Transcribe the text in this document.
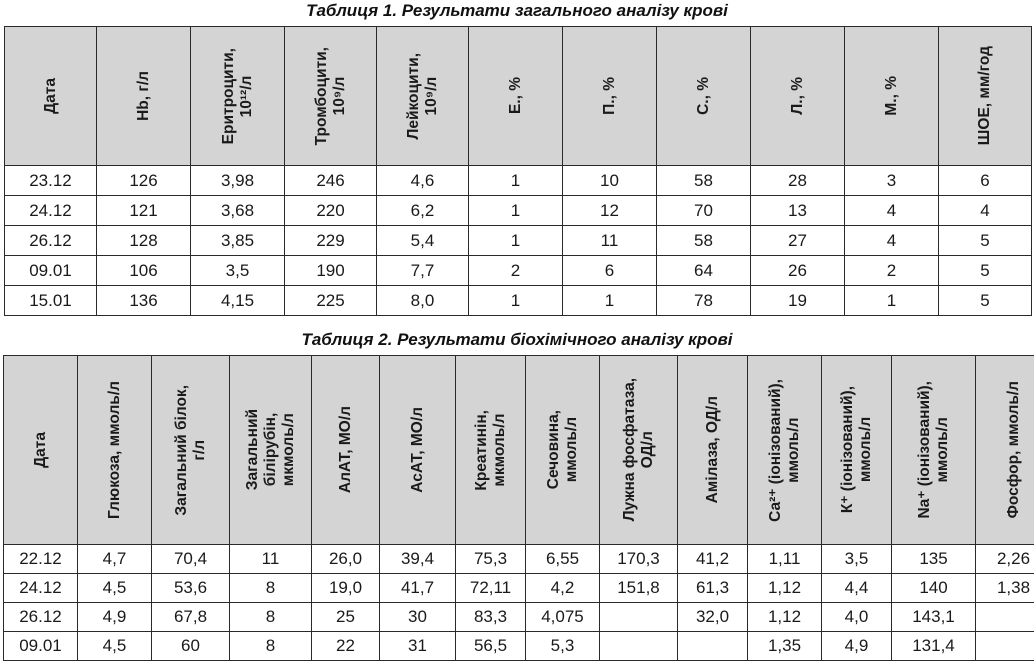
Таблиця 1. Результати загального аналізу крові
Дата	Hb, г/л	Еритроцити, 10¹²/л	Тромбоцити, 10⁹/л	Лейкоцити, 10⁹/л	Е., %	П., %	С., %	Л., %	М., %	ШОЕ, мм/год

23.12	126	3,98	246	4,6	1	10	58	28	3	6
24.12	121	3,68	220	6,2	1	12	70	13	4	4
26.12	128	3,85	229	5,4	1	11	58	27	4	5
09.01	106	3,5	190	7,7	2	6	64	26	2	5
15.01	136	4,15	225	8,0	1	1	78	19	1	5
Таблиця 2. Результати біохімічного аналізу крові
Дата	Глюкоза, ммоль/л	Загальний білок, г/л	Загальний білірубін, мкмоль/л	АлАТ, МО/л	АсАТ, МО/л	Креатинін, мкмоль/л	Сечовина, ммоль/л	Лужна фосфатаза, ОД/л	Амілаза, ОД/л	Са²⁺ (іонізований), ммоль/л	К⁺ (іонізований), ммоль/л	Na⁺ (іонізований), ммоль/л	Фосфор, ммоль/л

22.12	4,7	70,4	11	26,0	39,4	75,3	6,55	170,3	41,2	1,11	3,5	135	2,26
24.12	4,5	53,6	8	19,0	41,7	72,11	4,2	151,8	61,3	1,12	4,4	140	1,38
26.12	4,9	67,8	8	25	30	83,3	4,075		32,0	1,12	4,0	143,1	
09.01	4,5	60	8	22	31	56,5	5,3			1,35	4,9	131,4	
